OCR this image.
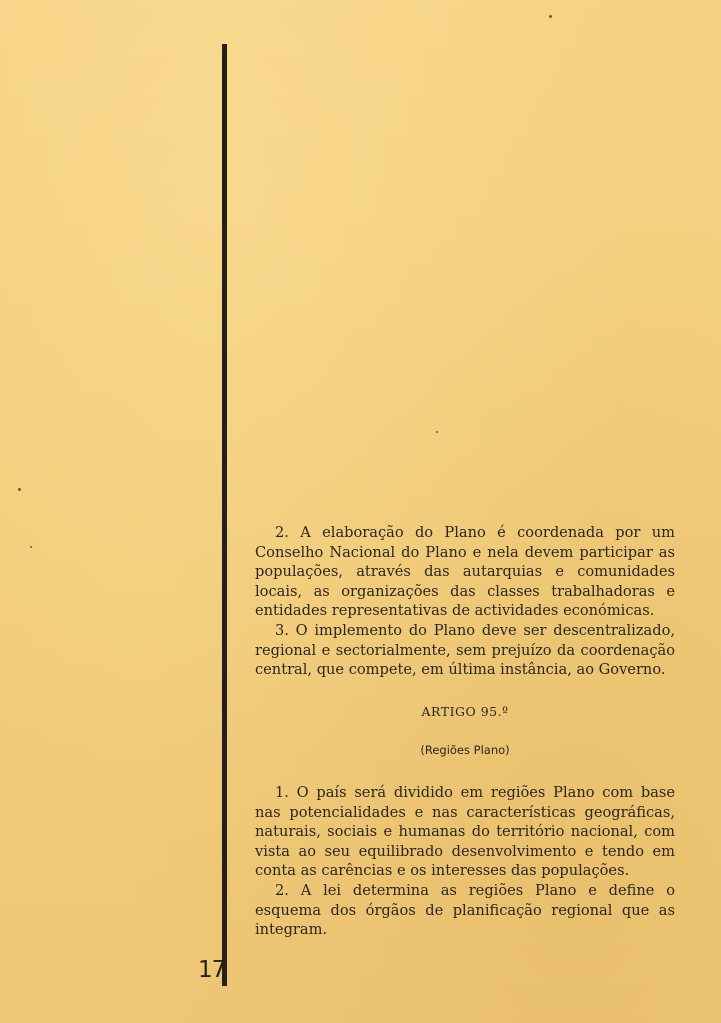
17

2. A elaboração do Plano é coordenada por um Conselho Nacional do Plano e nela devem participar as populações, através das autarquias e comunidades locais, as organizações das classes trabalhadoras e entidades representativas de actividades económicas.

3. O implemento do Plano deve ser descentralizado, regional e sectorialmente, sem prejuízo da coordenação central, que compete, em última instância, ao Governo.

ARTIGO 95.º

(Regiões Plano)

1. O país será dividido em regiões Plano com base nas potencialidades e nas características geográficas, naturais, sociais e humanas do território nacional, com vista ao seu equilibrado desenvolvimento e tendo em conta as carências e os interesses das populações.

2. A lei determina as regiões Plano e define o esquema dos órgãos de planificação regional que as integram.
